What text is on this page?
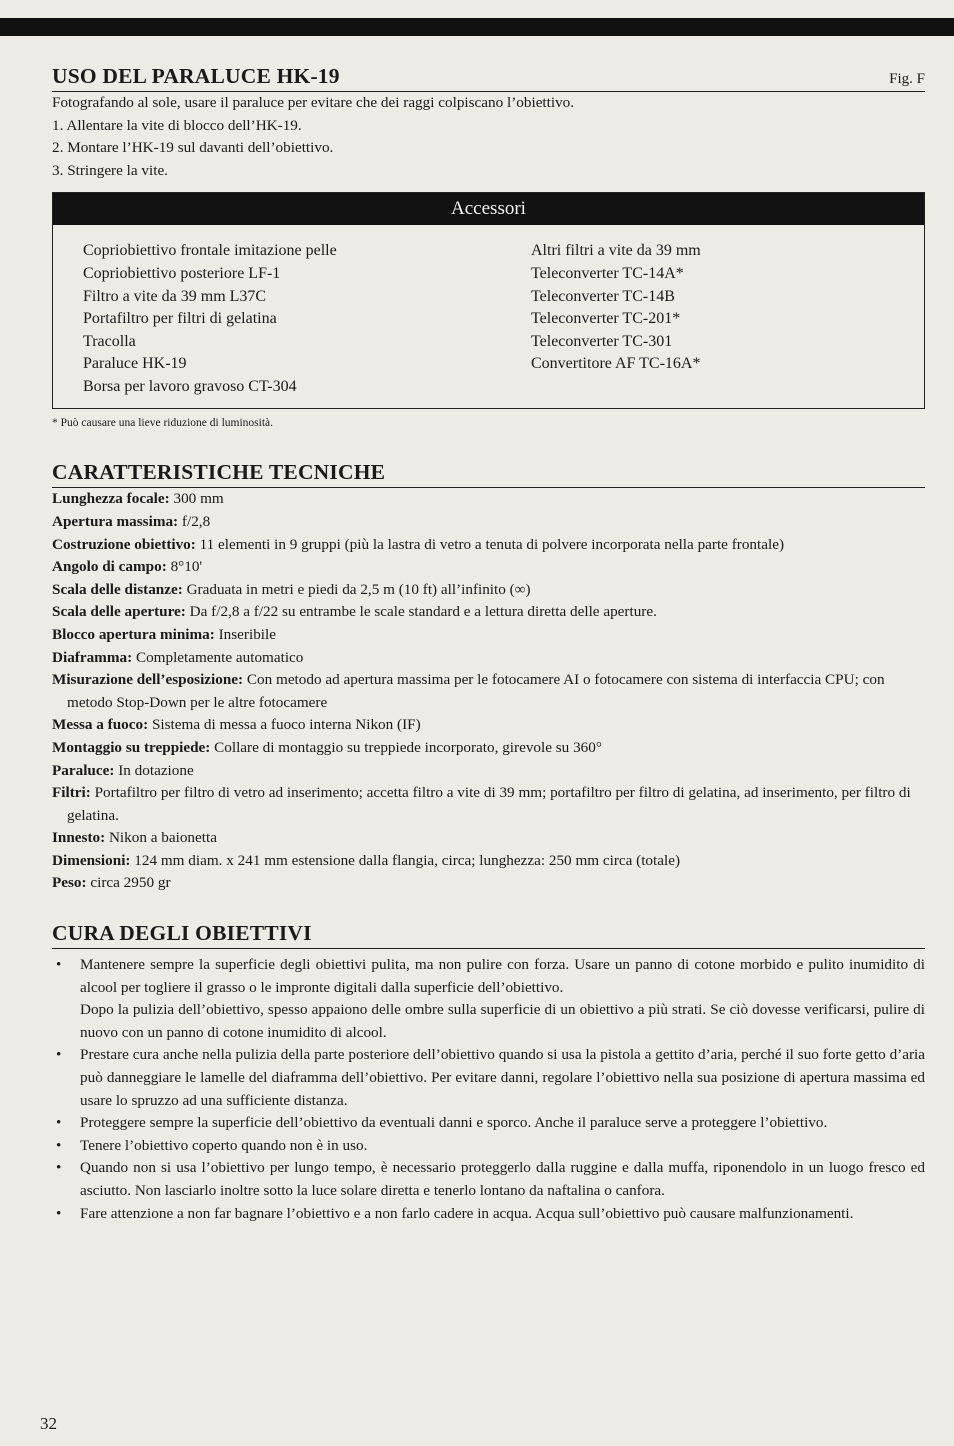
USO DEL PARALUCE HK-19	Fig. F

Fotografando al sole, usare il paraluce per evitare che dei raggi colpiscano l’obiettivo.

1. Allentare la vite di blocco dell’HK-19.
2. Montare l’HK-19 sul davanti dell’obiettivo.
3. Stringere la vite.
Accessori
Copriobiettivo frontale imitazione pelle
Copriobiettivo posteriore LF-1
Filtro a vite da 39 mm L37C
Portafiltro per filtri di gelatina
Tracolla
Paraluce HK-19
Borsa per lavoro gravoso CT-304
Altri filtri a vite da 39 mm
Teleconverter TC-14A*
Teleconverter TC-14B
Teleconverter TC-201*
Teleconverter TC-301
Convertitore AF TC-16A*
* Può causare una lieve riduzione di luminosità.
CARATTERISTICHE TECNICHE
Lunghezza focale: 300 mm
Apertura massima: f/2,8
Costruzione obiettivo: 11 elementi in 9 gruppi (più la lastra di vetro a tenuta di polvere incorporata nella parte frontale)
Angolo di campo: 8°10'
Scala delle distanze: Graduata in metri e piedi da 2,5 m (10 ft) all’infinito (∞)
Scala delle aperture: Da f/2,8 a f/22 su entrambe le scale standard e a lettura diretta delle aperture.
Blocco apertura minima: Inseribile
Diaframma: Completamente automatico
Misurazione dell’esposizione: Con metodo ad apertura massima per le fotocamere AI o fotocamere con sistema di interfaccia CPU; con metodo Stop-Down per le altre fotocamere
Messa a fuoco: Sistema di messa a fuoco interna Nikon (IF)
Montaggio su treppiede: Collare di montaggio su treppiede incorporato, girevole su 360°
Paraluce: In dotazione
Filtri: Portafiltro per filtro di vetro ad inserimento; accetta filtro a vite di 39 mm; portafiltro per filtro di gelatina, ad inserimento, per filtro di gelatina.
Innesto: Nikon a baionetta
Dimensioni: 124 mm diam. x 241 mm estensione dalla flangia, circa; lunghezza: 250 mm circa (totale)
Peso: circa 2950 gr
CURA DEGLI OBIETTIVI
• Mantenere sempre la superficie degli obiettivi pulita, ma non pulire con forza. Usare un panno di cotone morbido e pulito inumidito di alcool per togliere il grasso o le impronte digitali dalla superficie dell’obiettivo.
Dopo la pulizia dell’obiettivo, spesso appaiono delle ombre sulla superficie di un obiettivo a più strati. Se ciò dovesse verificarsi, pulire di nuovo con un panno di cotone inumidito di alcool.
• Prestare cura anche nella pulizia della parte posteriore dell’obiettivo quando si usa la pistola a gettito d’aria, perché il suo forte getto d’aria può danneggiare le lamelle del diaframma dell’obiettivo. Per evitare danni, regolare l’obiettivo nella sua posizione di apertura massima ed usare lo spruzzo ad una sufficiente distanza.
• Proteggere sempre la superficie dell’obiettivo da eventuali danni e sporco. Anche il paraluce serve a proteggere l’obiettivo.
• Tenere l’obiettivo coperto quando non è in uso.
• Quando non si usa l’obiettivo per lungo tempo, è necessario proteggerlo dalla ruggine e dalla muffa, riponendolo in un luogo fresco ed asciutto. Non lasciarlo inoltre sotto la luce solare diretta e tenerlo lontano da naftalina o canfora.
• Fare attenzione a non far bagnare l’obiettivo e a non farlo cadere in acqua. Acqua sull’obiettivo può causare malfunzionamenti.
32
